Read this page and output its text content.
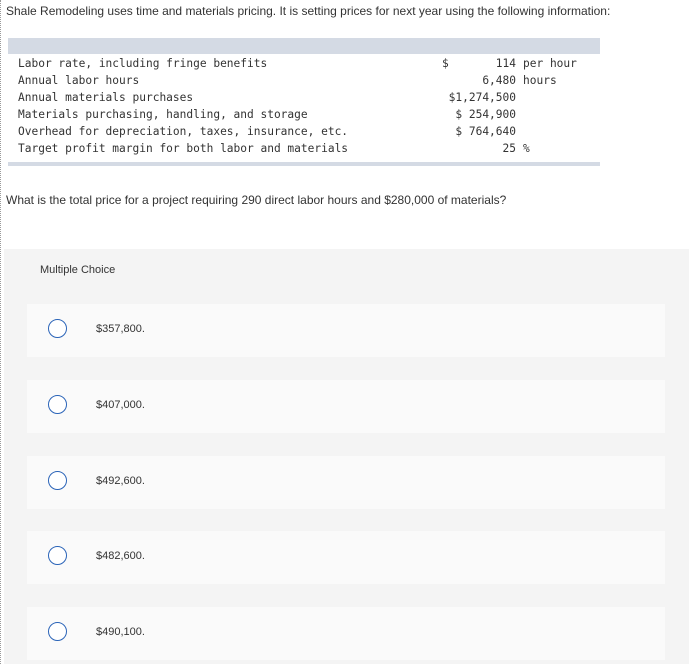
Shale Remodeling uses time and materials pricing. It is setting prices for next year using the following information:
Labor rate, including fringe benefits	$	114 per hour
Annual labor hours	6,480 hours
Annual materials purchases	$1,274,500
Materials purchasing, handling, and storage	$ 254,900
Overhead for depreciation, taxes, insurance, etc.	$ 764,640
Target profit margin for both labor and materials	25 %
What is the total price for a project requiring 290 direct labor hours and $280,000 of materials?
Multiple Choice
$357,800.
$407,000.
$492,600.
$482,600.
$490,100.
